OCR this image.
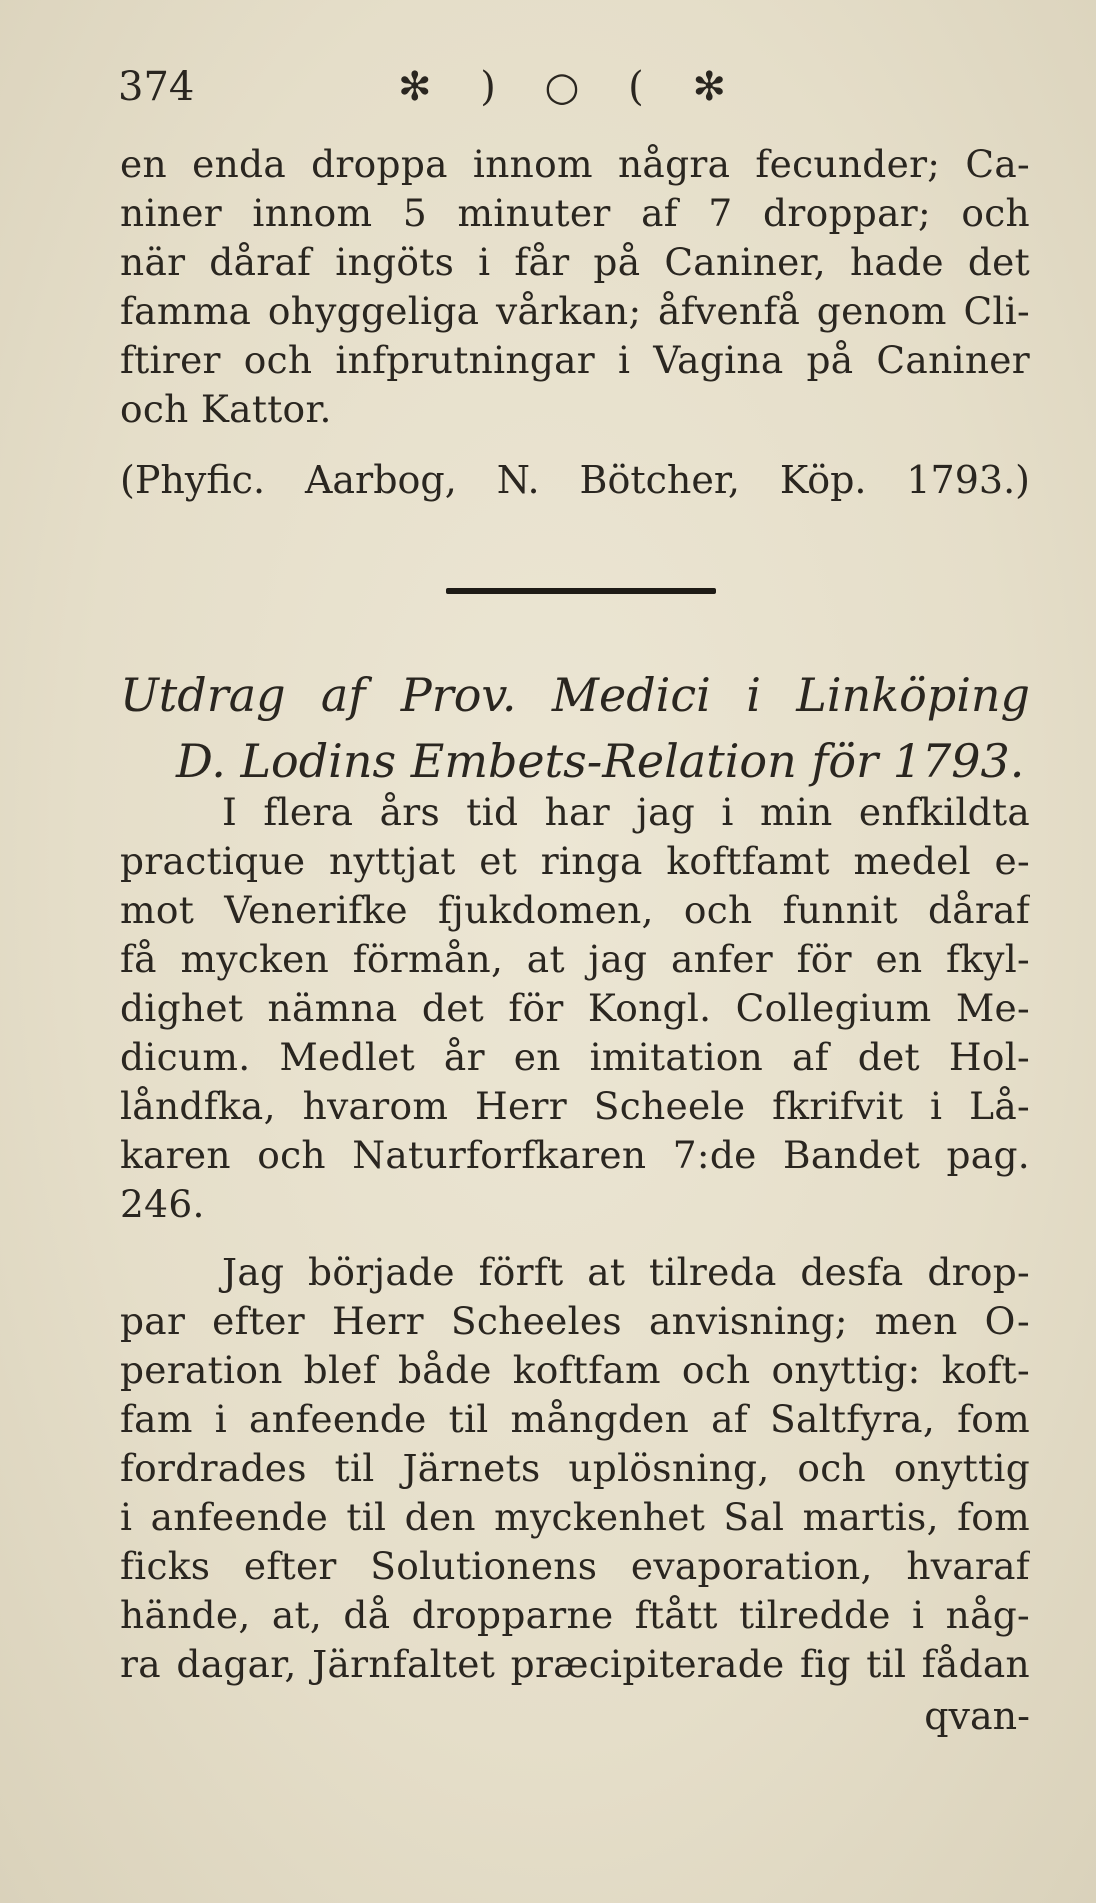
374	✻ ) ○ ( ✻
en enda droppa innom några fecunder; Ca-
niner innom 5 minuter af 7 droppar; och
när dåraf ingöts i får på Caniner, hade det
famma ohyggeliga vårkan; åfvenfå genom Cli-
ftirer och infprutningar i Vagina på Caniner
och Kattor.
(Phyfic. Aarbog, N. Bötcher, Köp. 1793.)
Utdrag af Prov. Medici i Linköping
D. Lodins Embets-Relation för 1793.
I flera års tid har jag i min enfkildta
practique nyttjat et ringa koftfamt medel e-
mot Venerifke fjukdomen, och funnit dåraf
få mycken förmån, at jag anfer för en fkyl-
dighet nämna det för Kongl. Collegium Me-
dicum. Medlet år en imitation af det Hol-
låndfka, hvarom Herr Scheele fkrifvit i Lå-
karen och Naturforfkaren 7:de Bandet pag.
246.
Jag började förft at tilreda desfa drop-
par efter Herr Scheeles anvisning; men O-
peration blef både koftfam och onyttig: koft-
fam i anfeende til mångden af Saltfyra, fom
fordrades til Järnets uplösning, och onyttig
i anfeende til den myckenhet Sal martis, fom
ficks efter Solutionens evaporation, hvaraf
hände, at, då dropparne ftått tilredde i någ-
ra dagar, Järnfaltet præcipiterade fig til fådan
qvan-
